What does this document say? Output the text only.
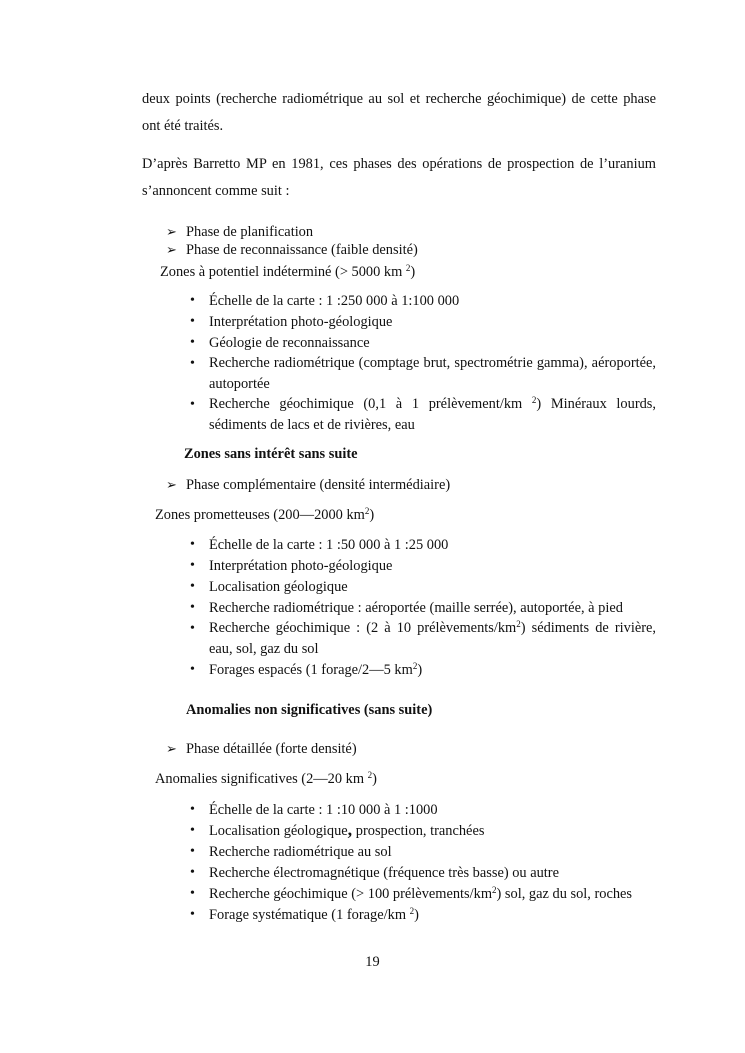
deux points (recherche radiométrique au sol et recherche géochimique) de cette phase ont été traités.
D’après Barretto MP en 1981, ces phases des opérations de prospection de l’uranium s’annoncent comme suit :
➢ Phase de planification
➢ Phase de reconnaissance (faible densité)
Zones à potentiel indéterminé (> 5000 km $^2$)
• Échelle de la carte : 1 :250 000 à 1:100 000
• Interprétation photo-géologique
• Géologie de reconnaissance
• Recherche radiométrique (comptage brut, spectrométrie gamma), aéroportée, autoportée
• Recherche géochimique (0,1 à 1 prélèvement/km $^2$) Minéraux lourds, sédiments de lacs et de rivières, eau
Zones sans intérêt sans suite
➢ Phase complémentaire (densité intermédiaire)
Zones prometteuses (200—2000 $km^2$)
• Échelle de la carte : 1 :50 000 à 1 :25 000
• Interprétation photo-géologique
• Localisation géologique
• Recherche radiométrique : aéroportée (maille serrée), autoportée, à pied
• Recherche géochimique : (2 à 10 prélèvements/$km^2$) sédiments de rivière, eau, sol, gaz du sol
• Forages espacés (1 forage/2—5 $km^2$)
Anomalies non significatives (sans suite)
➢ Phase détaillée (forte densité)
Anomalies significatives (2—20 km $^2$)
• Échelle de la carte : 1 :10 000 à 1 :1000
• Localisation géologique, prospection, tranchées
• Recherche radiométrique au sol
• Recherche électromagnétique (fréquence très basse) ou autre
• Recherche géochimique (> 100 prélèvements/$km^2$) sol, gaz du sol, roches
• Forage systématique (1 forage/km $^2$)
19
